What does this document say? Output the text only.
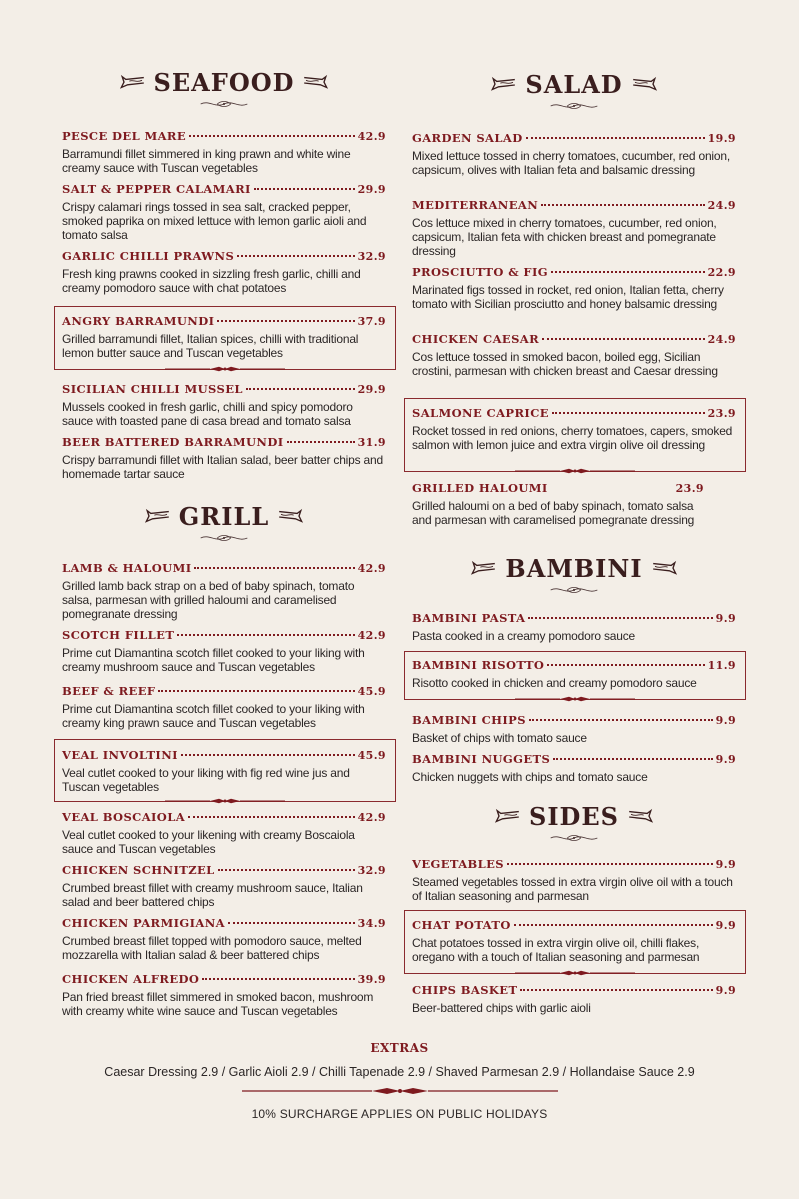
SEAFOOD
PESCE DEL MARE	42.9
Barramundi fillet simmered in king prawn and white wine creamy sauce with Tuscan vegetables
SALT & PEPPER CALAMARI	29.9
Crispy calamari rings tossed in sea salt, cracked pepper, smoked paprika on mixed lettuce with lemon garlic aioli and tomato salsa
GARLIC CHILLI PRAWNS	32.9
Fresh king prawns cooked in sizzling fresh garlic, chilli and creamy pomodoro sauce with chat potatoes
ANGRY BARRAMUNDI	37.9
Grilled barramundi fillet, Italian spices, chilli with traditional lemon butter sauce and Tuscan vegetables
SICILIAN CHILLI MUSSEL	29.9
Mussels cooked in fresh garlic, chilli and spicy pomodoro sauce with toasted pane di casa bread and tomato salsa
BEER BATTERED BARRAMUNDI	31.9
Crispy barramundi fillet with Italian salad, beer batter chips and homemade tartar sauce
GRILL
LAMB & HALOUMI	42.9
Grilled lamb back strap on a bed of baby spinach, tomato salsa, parmesan with grilled haloumi and caramelised pomegranate dressing
SCOTCH FILLET	42.9
Prime cut Diamantina scotch fillet cooked to your liking with creamy mushroom sauce and Tuscan vegetables
BEEF & REEF	45.9
Prime cut Diamantina scotch fillet cooked to your liking with creamy king prawn sauce and Tuscan vegetables
VEAL INVOLTINI	45.9
Veal cutlet cooked to your liking with fig red wine jus and Tuscan vegetables
VEAL BOSCAIOLA	42.9
Veal cutlet cooked to your likening with creamy Boscaiola sauce and Tuscan vegetables
CHICKEN SCHNITZEL	32.9
Crumbed breast fillet with creamy mushroom sauce, Italian salad and beer battered chips
CHICKEN PARMIGIANA	34.9
Crumbed breast fillet topped with pomodoro sauce, melted mozzarella with Italian salad & beer battered chips
CHICKEN ALFREDO	39.9
Pan fried breast fillet simmered in smoked bacon, mushroom with creamy white wine sauce and Tuscan vegetables
SALAD
GARDEN SALAD	19.9
Mixed lettuce tossed in cherry tomatoes, cucumber, red onion, capsicum, olives with Italian feta and balsamic dressing
MEDITERRANEAN	24.9
Cos lettuce mixed in cherry tomatoes, cucumber, red onion, capsicum, Italian feta with chicken breast and pomegranate dressing
PROSCIUTTO & FIG	22.9
Marinated figs tossed in rocket, red onion, Italian fetta, cherry tomato with Sicilian prosciutto and honey balsamic dressing
CHICKEN CAESAR	24.9
Cos lettuce tossed in smoked bacon, boiled egg, Sicilian crostini, parmesan with chicken breast and Caesar dressing
SALMONE CAPRICE	23.9
Rocket tossed in red onions, cherry tomatoes, capers, smoked salmon with lemon juice and extra virgin olive oil dressing
GRILLED HALOUMI	23.9
Grilled haloumi on a bed of baby spinach, tomato salsa and parmesan with caramelised pomegranate dressing
BAMBINI
BAMBINI PASTA	9.9
Pasta cooked in a creamy pomodoro sauce
BAMBINI RISOTTO	11.9
Risotto cooked in chicken and creamy pomodoro sauce
BAMBINI CHIPS	9.9
Basket of chips with tomato sauce
BAMBINI NUGGETS	9.9
Chicken nuggets with chips and tomato sauce
SIDES
VEGETABLES	9.9
Steamed vegetables tossed in extra virgin olive oil with a touch of Italian seasoning and parmesan
CHAT POTATO	9.9
Chat potatoes tossed in extra virgin olive oil, chilli flakes, oregano with a touch of Italian seasoning and parmesan
CHIPS BASKET	9.9
Beer-battered chips with garlic aioli
EXTRAS
Caesar Dressing 2.9 / Garlic Aioli 2.9 / Chilli Tapenade 2.9 / Shaved Parmesan 2.9 / Hollandaise Sauce 2.9
10% SURCHARGE APPLIES ON PUBLIC HOLIDAYS
